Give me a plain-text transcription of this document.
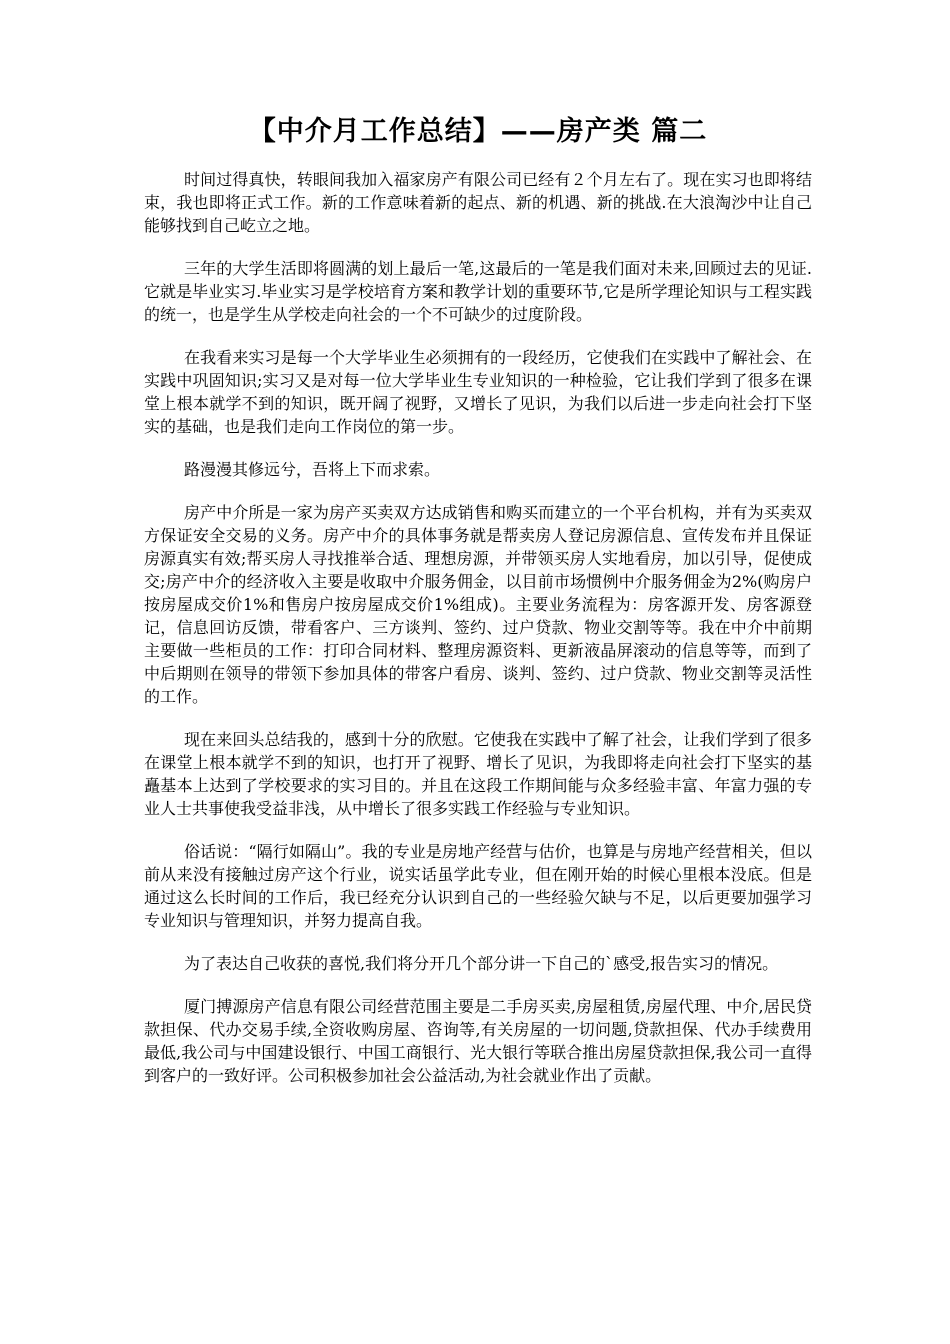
【中介月工作总结】——房产类 篇二

时间过得真快，转眼间我加入福家房产有限公司已经有２个月左右了。现在实习也即将结束，我也即将正式工作。新的工作意味着新的起点、新的机遇、新的挑战.在大浪淘沙中让自己能够找到自己屹立之地。

三年的大学生活即将圆满的划上最后一笔,这最后的一笔是我们面对未来,回顾过去的见证.它就是毕业实习.毕业实习是学校培育方案和教学计划的重要环节,它是所学理论知识与工程实践的统一，也是学生从学校走向社会的一个不可缺少的过度阶段。

在我看来实习是每一个大学毕业生必须拥有的一段经历，它使我们在实践中了解社会、在实践中巩固知识;实习又是对每一位大学毕业生专业知识的一种检验，它让我们学到了很多在课堂上根本就学不到的知识，既开阔了视野，又增长了见识，为我们以后进一步走向社会打下坚实的基础，也是我们走向工作岗位的第一步。

路漫漫其修远兮，吾将上下而求索。

房产中介所是一家为房产买卖双方达成销售和购买而建立的一个平台机构，并有为买卖双方保证安全交易的义务。房产中介的具体事务就是帮卖房人登记房源信息、宣传发布并且保证房源真实有效;帮买房人寻找推举合适、理想房源，并带领买房人实地看房，加以引导，促使成交;房产中介的经济收入主要是收取中介服务佣金，以目前市场惯例中介服务佣金为2%(购房户按房屋成交价1%和售房户按房屋成交价1%组成)。主要业务流程为：房客源开发、房客源登记，信息回访反馈，带看客户、三方谈判、签约、过户贷款、物业交割等等。我在中介中前期主要做一些柜员的工作：打印合同材料、整理房源资料、更新液晶屏滚动的信息等等，而到了中后期则在领导的带领下参加具体的带客户看房、谈判、签约、过户贷款、物业交割等灵活性的工作。

现在来回头总结我的，感到十分的欣慰。它使我在实践中了解了社会，让我们学到了很多在课堂上根本就学不到的知识，也打开了视野、增长了见识，为我即将走向社会打下坚实的基矗基本上达到了学校要求的实习目的。并且在这段工作期间能与众多经验丰富、年富力强的专业人士共事使我受益非浅，从中增长了很多实践工作经验与专业知识。

俗话说：“隔行如隔山”。我的专业是房地产经营与估价，也算是与房地产经营相关，但以前从来没有接触过房产这个行业，说实话虽学此专业，但在刚开始的时候心里根本没底。但是通过这么长时间的工作后，我已经充分认识到自己的一些经验欠缺与不足，以后更要加强学习专业知识与管理知识，并努力提高自我。

为了表达自己收获的喜悦,我们将分开几个部分讲一下自己的`感受,报告实习的情况。

厦门搏源房产信息有限公司经营范围主要是二手房买卖,房屋租赁,房屋代理、中介,居民贷款担保、代办交易手续,全资收购房屋、咨询等,有关房屋的一切问题,贷款担保、代办手续费用最低,我公司与中国建设银行、中国工商银行、光大银行等联合推出房屋贷款担保,我公司一直得到客户的一致好评。公司积极参加社会公益活动,为社会就业作出了贡献。
